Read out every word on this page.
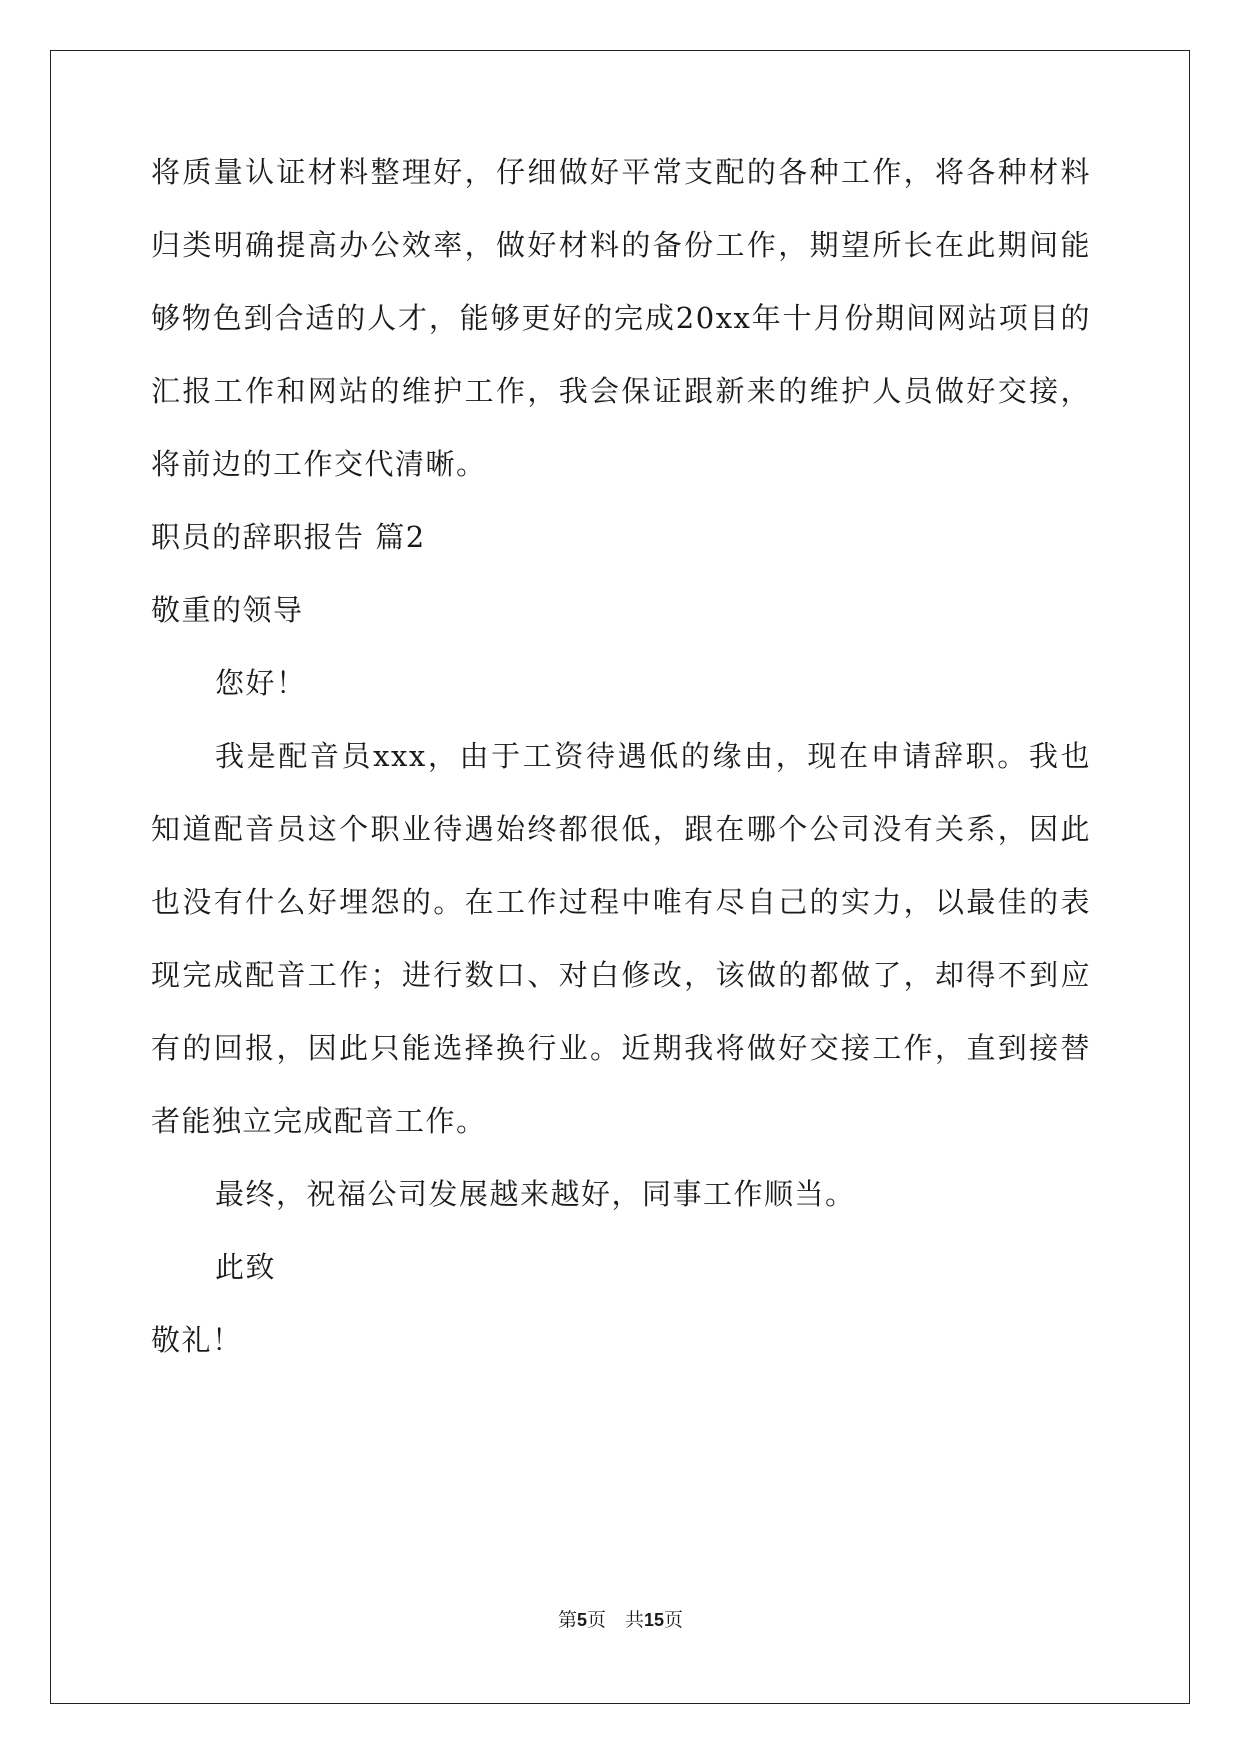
将质量认证材料整理好，仔细做好平常支配的各种工作，将各种材料
归类明确提高办公效率，做好材料的备份工作，期望所长在此期间能
够物色到合适的人才，能够更好的完成20xx年十月份期间网站项目的
汇报工作和网站的维护工作，我会保证跟新来的维护人员做好交接，
将前边的工作交代清晰。
职员的辞职报告 篇2
敬重的领导
您好！
我是配音员xxx，由于工资待遇低的缘由，现在申请辞职。我也
知道配音员这个职业待遇始终都很低，跟在哪个公司没有关系，因此
也没有什么好埋怨的。在工作过程中唯有尽自己的实力，以最佳的表
现完成配音工作；进行数口、对白修改，该做的都做了，却得不到应
有的回报，因此只能选择换行业。近期我将做好交接工作，直到接替
者能独立完成配音工作。
最终，祝福公司发展越来越好，同事工作顺当。
此致
敬礼！
第5页　共15页
